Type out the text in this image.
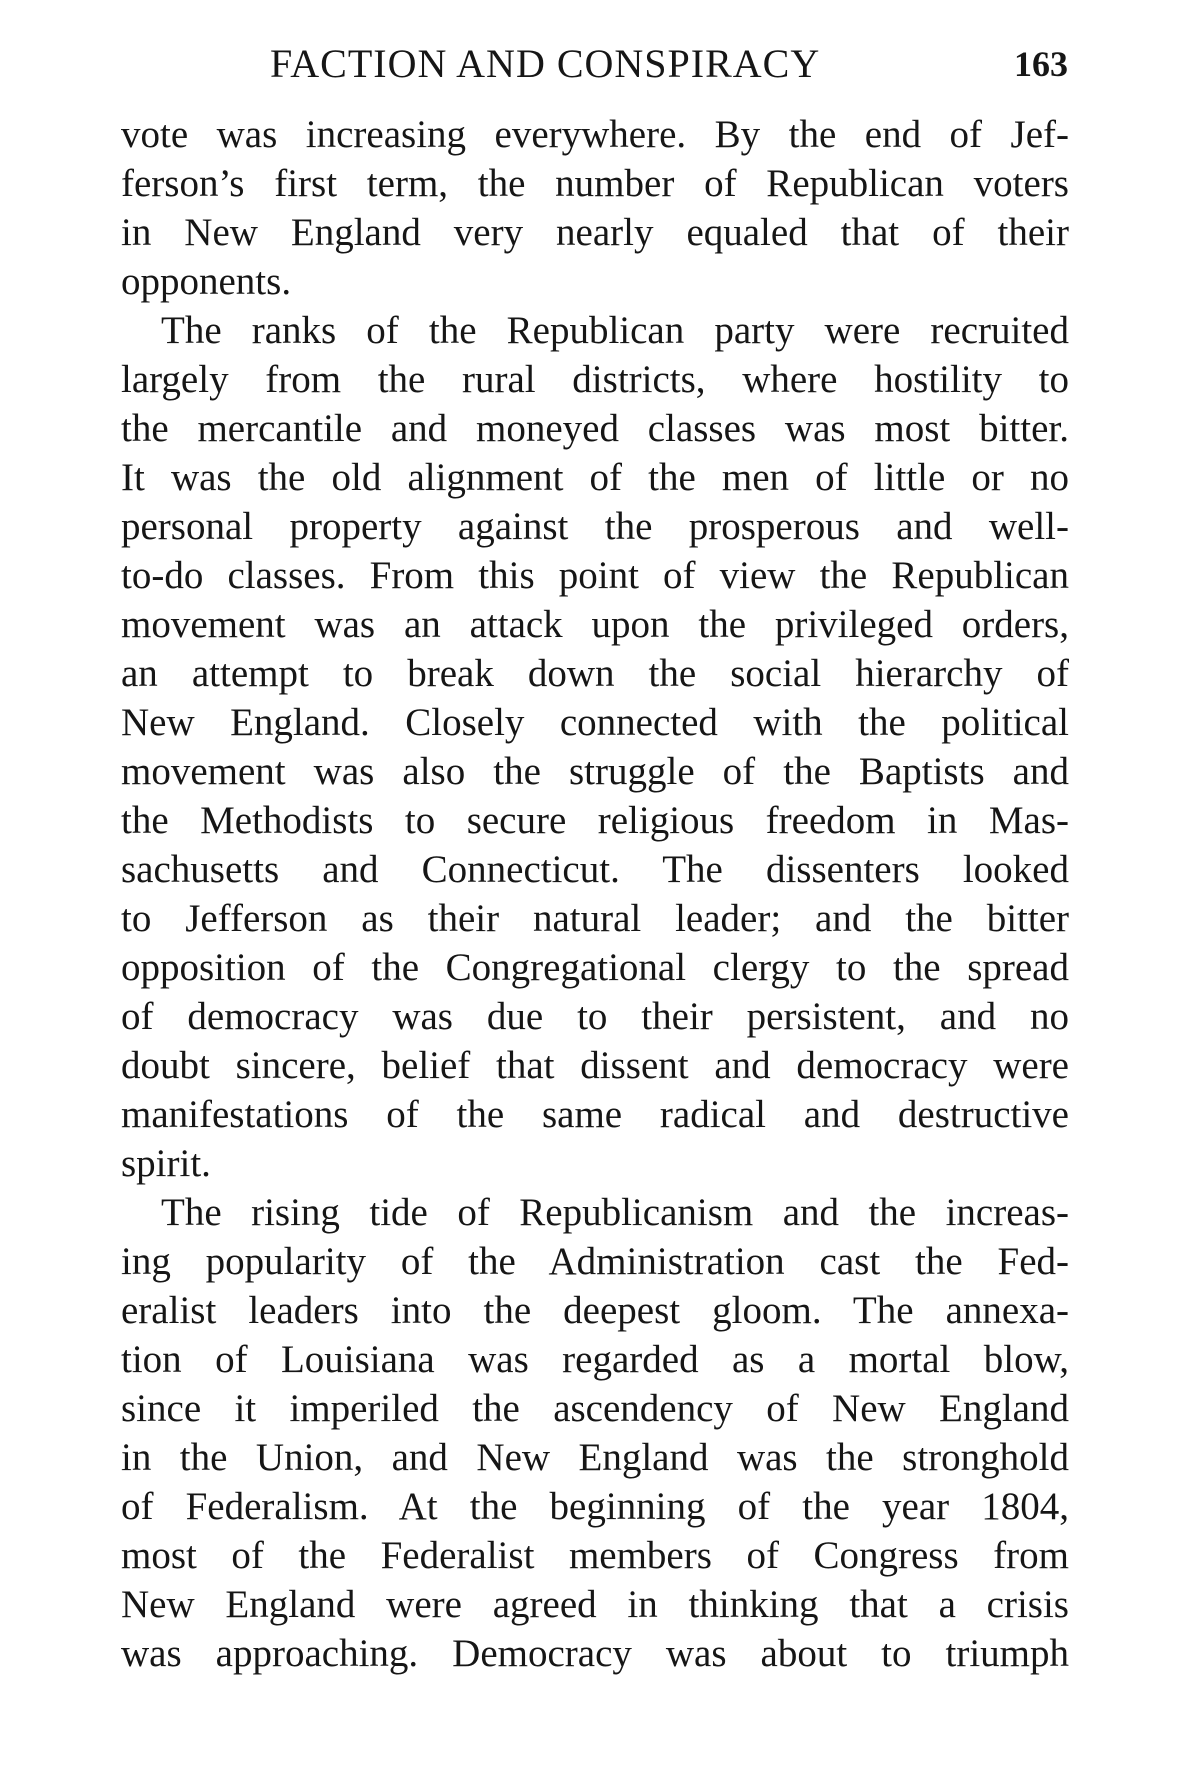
FACTION AND CONSPIRACY	163
vote was increasing everywhere. By the end of Jef-
ferson’s first term, the number of Republican voters
in New England very nearly equaled that of their
opponents.
The ranks of the Republican party were recruited
largely from the rural districts, where hostility to
the mercantile and moneyed classes was most bitter.
It was the old alignment of the men of little or no
personal property against the prosperous and well-
to-do classes. From this point of view the Republican
movement was an attack upon the privileged orders,
an attempt to break down the social hierarchy of
New England. Closely connected with the political
movement was also the struggle of the Baptists and
the Methodists to secure religious freedom in Mas-
sachusetts and Connecticut. The dissenters looked
to Jefferson as their natural leader; and the bitter
opposition of the Congregational clergy to the spread
of democracy was due to their persistent, and no
doubt sincere, belief that dissent and democracy were
manifestations of the same radical and destructive
spirit.
The rising tide of Republicanism and the increas-
ing popularity of the Administration cast the Fed-
eralist leaders into the deepest gloom. The annexa-
tion of Louisiana was regarded as a mortal blow,
since it imperiled the ascendency of New England
in the Union, and New England was the stronghold
of Federalism. At the beginning of the year 1804,
most of the Federalist members of Congress from
New England were agreed in thinking that a crisis
was approaching. Democracy was about to triumph
